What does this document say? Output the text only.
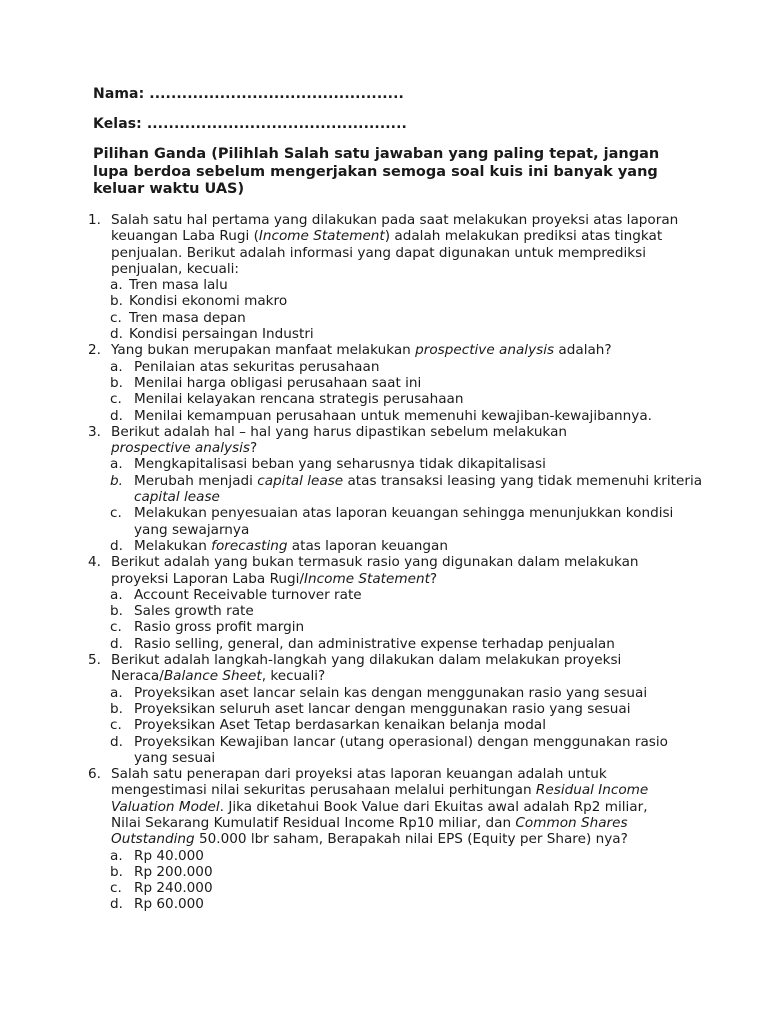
Nama: ...............................................
Kelas: ................................................
Pilihan Ganda (Pilihlah Salah satu jawaban yang paling tepat, jangan lupa berdoa sebelum mengerjakan semoga soal kuis ini banyak yang keluar waktu UAS)
1. Salah satu hal pertama yang dilakukan pada saat melakukan proyeksi atas laporan keuangan Laba Rugi (Income Statement) adalah melakukan prediksi atas tingkat penjualan. Berikut adalah informasi yang dapat digunakan untuk memprediksi penjualan, kecuali:
a. Tren masa lalu
b. Kondisi ekonomi makro
c. Tren masa depan
d. Kondisi persaingan Industri
2. Yang bukan merupakan manfaat melakukan prospective analysis adalah?
a. Penilaian atas sekuritas perusahaan
b. Menilai harga obligasi perusahaan saat ini
c. Menilai kelayakan rencana strategis perusahaan
d. Menilai kemampuan perusahaan untuk memenuhi kewajiban-kewajibannya.
3. Berikut adalah hal – hal yang harus dipastikan sebelum melakukan
prospective analysis?
a. Mengkapitalisasi beban yang seharusnya tidak dikapitalisasi
b. Merubah menjadi capital lease atas transaksi leasing yang tidak memenuhi kriteria capital lease
c. Melakukan penyesuaian atas laporan keuangan sehingga menunjukkan kondisi yang sewajarnya
d. Melakukan forecasting atas laporan keuangan
4. Berikut adalah yang bukan termasuk rasio yang digunakan dalam melakukan proyeksi Laporan Laba Rugi/Income Statement?
a. Account Receivable turnover rate
b. Sales growth rate
c. Rasio gross profit margin
d. Rasio selling, general, dan administrative expense terhadap penjualan
5. Berikut adalah langkah-langkah yang dilakukan dalam melakukan proyeksi Neraca/Balance Sheet, kecuali?
a. Proyeksikan aset lancar selain kas dengan menggunakan rasio yang sesuai
b. Proyeksikan seluruh aset lancar dengan menggunakan rasio yang sesuai
c. Proyeksikan Aset Tetap berdasarkan kenaikan belanja modal
d. Proyeksikan Kewajiban lancar (utang operasional) dengan menggunakan rasio yang sesuai
6. Salah satu penerapan dari proyeksi atas laporan keuangan adalah untuk mengestimasi nilai sekuritas perusahaan melalui perhitungan Residual Income Valuation Model. Jika diketahui Book Value dari Ekuitas awal adalah Rp2 miliar, Nilai Sekarang Kumulatif Residual Income Rp10 miliar, dan Common Shares Outstanding 50.000 lbr saham, Berapakah nilai EPS (Equity per Share) nya?
a. Rp 40.000
b. Rp 200.000
c. Rp 240.000
d. Rp 60.000
